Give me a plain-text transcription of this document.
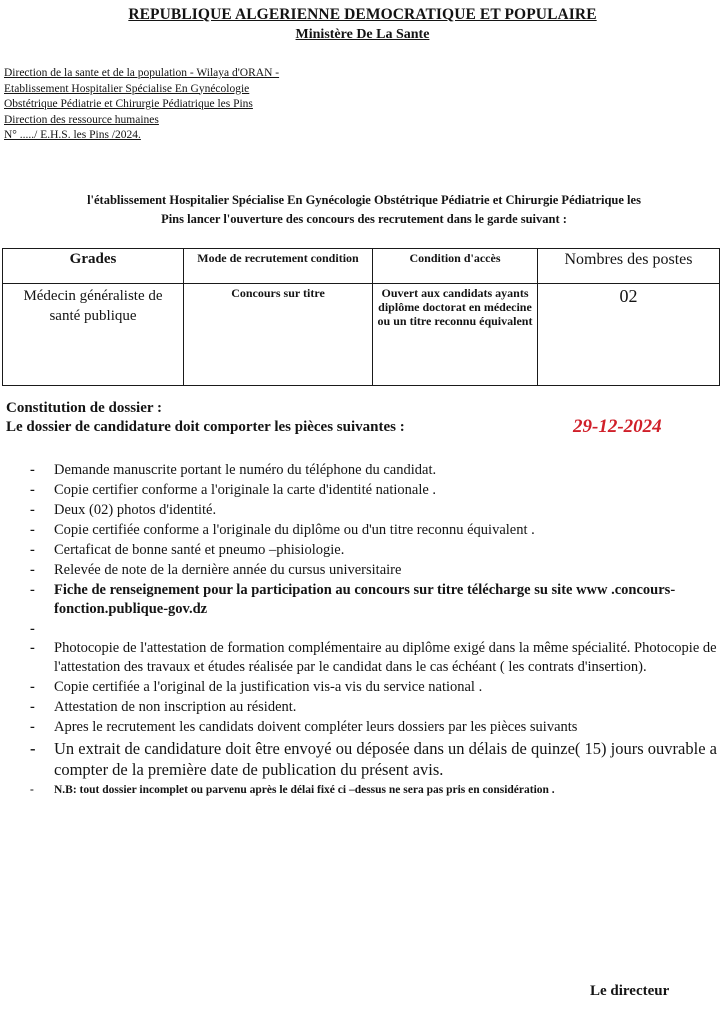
REPUBLIQUE ALGERIENNE DEMOCRATIQUE ET POPULAIRE
Ministère De La Sante
Direction de la sante et de la population - Wilaya d'ORAN -
Etablissement Hospitalier Spécialise En Gynécologie
Obstétrique Pédiatrie et Chirurgie Pédiatrique les Pins
Direction des ressource humaines
N° ...../ E.H.S. les Pins /2024.
l'établissement Hospitalier Spécialise En Gynécologie Obstétrique Pédiatrie et Chirurgie Pédiatrique les
Pins lancer l'ouverture des concours des recrutement dans le garde suivant :
Grades	Mode de recrutement condition	Condition d'accès	Nombres des postes
Médecin généraliste de santé publique	Concours sur titre	Ouvert aux candidats ayants diplôme doctorat en médecine ou un titre reconnu équivalent	02
Constitution de dossier :
Le dossier de candidature doit comporter les pièces suivantes :	29-12-2024
- Demande manuscrite portant le numéro du téléphone du candidat.
- Copie certifier conforme a l'originale la carte d'identité nationale .
- Deux (02) photos d'identité.
- Copie certifiée conforme a l'originale du diplôme ou d'un titre reconnu équivalent .
- Certaficat de bonne santé et pneumo –phisiologie.
- Relevée de note de la dernière année du cursus universitaire
- Fiche de renseignement pour la participation au concours sur titre télécharge su site www .concours-fonction.publique-gov.dz
-
- Photocopie de l'attestation de formation complémentaire au diplôme exigé dans la même spécialité. Photocopie de l'attestation des travaux et études réalisée par le candidat dans le cas échéant ( les contrats d'insertion).
- Copie certifiée a l'original de la justification vis-a vis du service national .
- Attestation de non inscription au résident.
- Apres le recrutement les candidats doivent compléter leurs dossiers par les pièces suivants
- Un extrait de candidature doit être envoyé ou déposée dans un délais de quinze( 15) jours ouvrable a compter de la première date de publication du présent avis.
- N.B: tout dossier incomplet ou parvenu après le délai fixé ci –dessus ne sera pas pris en considération .
Le directeur
